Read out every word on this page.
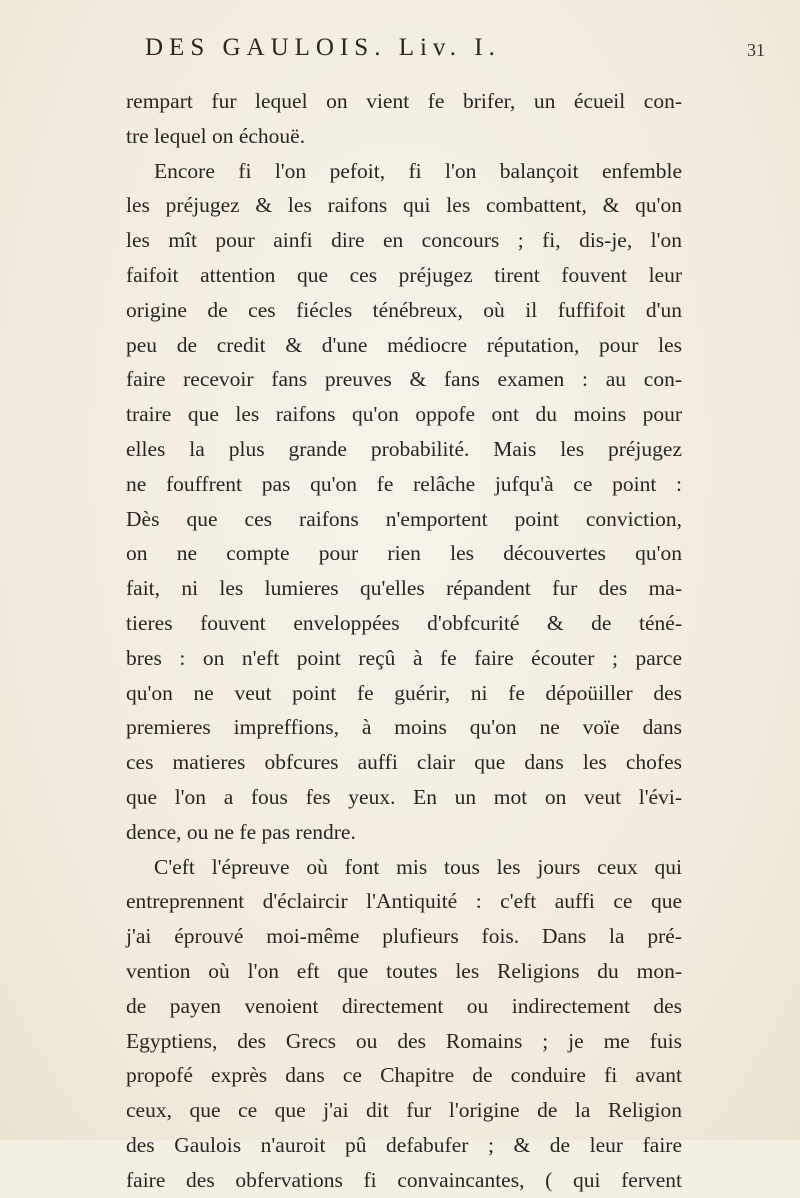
DES GAULOIS. Liv. I.	31
rempart fur lequel on vient fe brifer, un écueil con-
tre lequel on échouë.
Encore fi l'on pefoit, fi l'on balançoit enfemble
les préjugez & les raifons qui les combattent, & qu'on
les mît pour ainfi dire en concours ; fi, dis-je, l'on
faifoit attention que ces préjugez tirent fouvent leur
origine de ces fiécles ténébreux, où il fuffifoit d'un
peu de credit & d'une médiocre réputation, pour les
faire recevoir fans preuves & fans examen : au con-
traire que les raifons qu'on oppofe ont du moins pour
elles la plus grande probabilité. Mais les préjugez
ne fouffrent pas qu'on fe relâche jufqu'à ce point :
Dès que ces raifons n'emportent point conviction,
on ne compte pour rien les découvertes qu'on
fait, ni les lumieres qu'elles répandent fur des ma-
tieres fouvent enveloppées d'obfcurité & de téné-
bres : on n'eft point reçû à fe faire écouter ; parce
qu'on ne veut point fe guérir, ni fe dépoüiller des
premieres impreffions, à moins qu'on ne voïe dans
ces matieres obfcures auffi clair que dans les chofes
que l'on a fous fes yeux. En un mot on veut l'évi-
dence, ou ne fe pas rendre.
C'eft l'épreuve où font mis tous les jours ceux qui
entreprennent d'éclaircir l'Antiquité : c'eft auffi ce que
j'ai éprouvé moi-même plufieurs fois. Dans la pré-
vention où l'on eft que toutes les Religions du mon-
de payen venoient directement ou indirectement des
Egyptiens, des Grecs ou des Romains ; je me fuis
propofé exprès dans ce Chapitre de conduire fi avant
ceux, que ce que j'ai dit fur l'origine de la Religion
des Gaulois n'auroit pû defabufer ; & de leur faire
faire des obfervations fi convaincantes, ( qui fervent
